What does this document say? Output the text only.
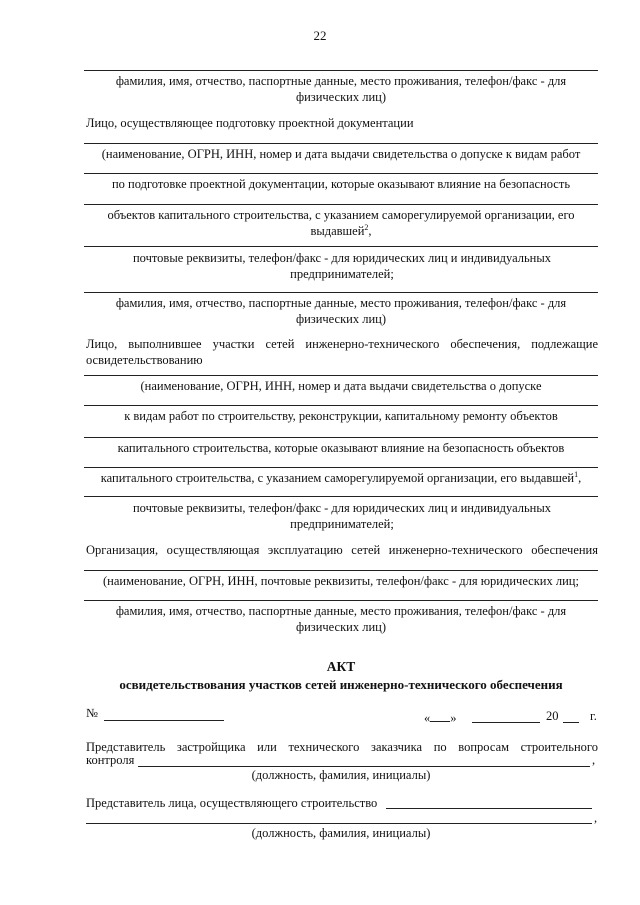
22
фамилия, имя, отчество, паспортные данные, место проживания, телефон/факс - для физических лиц)
Лицо, осуществляющее подготовку проектной документации
(наименование, ОГРН, ИНН, номер и дата выдачи свидетельства о допуске к видам работ
по подготовке проектной документации, которые оказывают влияние на безопасность
объектов капитального строительства, с указанием саморегулируемой организации, его
выдавшей$^2$,
почтовые реквизиты, телефон/факс - для юридических лиц и индивидуальных предпринимателей;
фамилия, имя, отчество, паспортные данные, место проживания, телефон/факс - для физических лиц)
Лицо, выполнившее участки сетей инженерно-технического обеспечения, подлежащие
освидетельствованию
(наименование, ОГРН, ИНН, номер и дата выдачи свидетельства о допуске
к видам работ по строительству, реконструкции, капитальному ремонту объектов
капитального строительства, которые оказывают влияние на безопасность объектов
капитального строительства, с указанием саморегулируемой организации, его выдавшей$^1$,
почтовые реквизиты, телефон/факс - для юридических лиц и индивидуальных предпринимателей;
Организация, осуществляющая эксплуатацию сетей инженерно-технического обеспечения
(наименование, ОГРН, ИНН, почтовые реквизиты, телефон/факс - для юридических лиц;
фамилия, имя, отчество, паспортные данные, место проживания, телефон/факс - для физических лиц)
АКТ
освидетельствования участков сетей инженерно-технического обеспечения
№	« »	20	г.
Представитель застройщика или технического заказчика по вопросам строительного
контроля	,
(должность, фамилия, инициалы)
Представитель лица, осуществляющего строительство
,
(должность, фамилия, инициалы)
